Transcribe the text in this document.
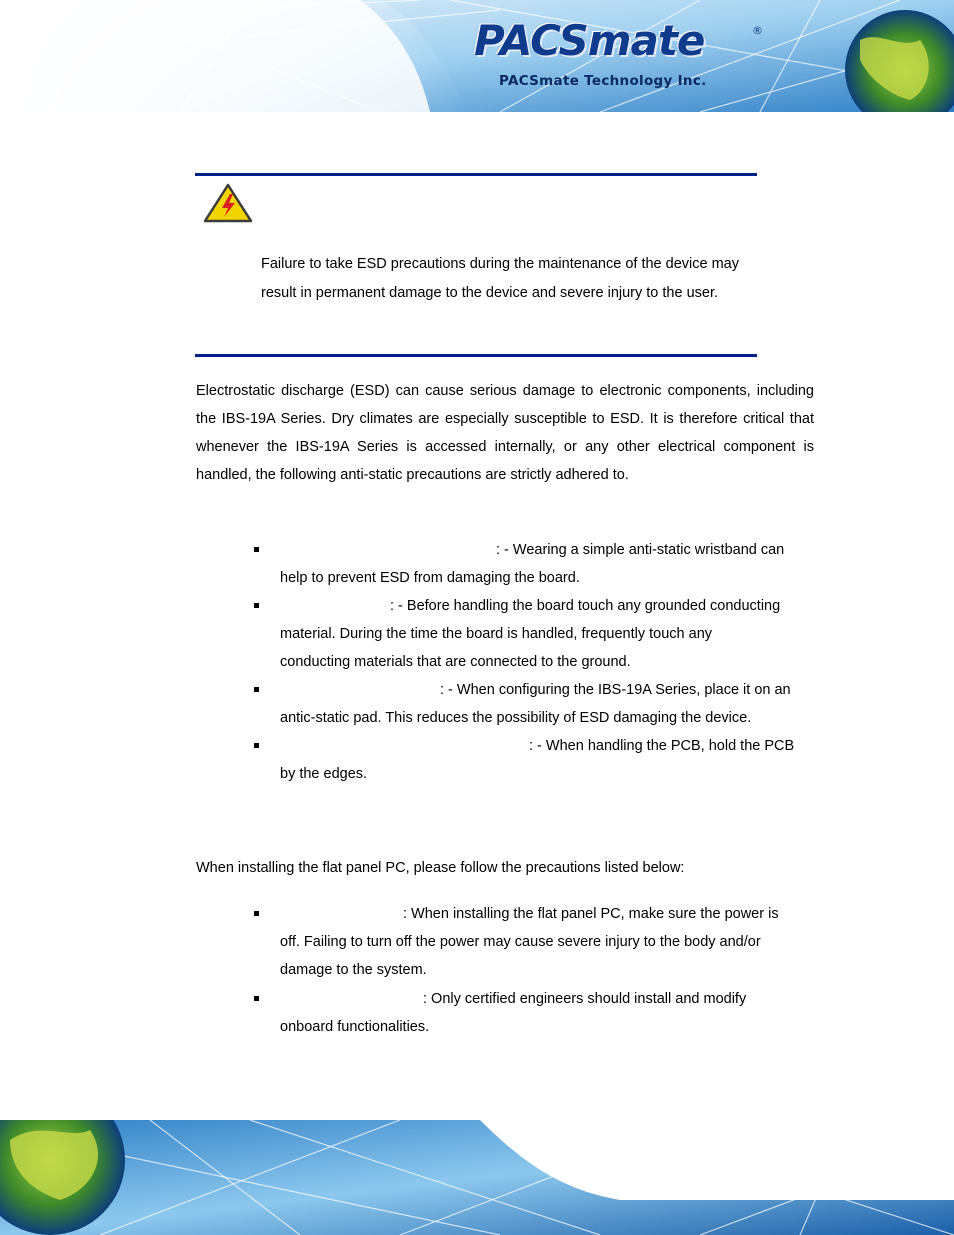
PACSmate	®
PACSmate Technology Inc.
Failure to take ESD precautions during the maintenance of the device may result in permanent damage to the device and severe injury to the user.

Electrostatic discharge (ESD) can cause serious damage to electronic components, including the IBS-19A Series. Dry climates are especially susceptible to ESD. It is therefore critical that whenever the IBS-19A Series is accessed internally, or any other electrical component is handled, the following anti-static precautions are strictly adhered to.

: - Wearing a simple anti-static wristband can
help to prevent ESD from damaging the board.
: - Before handling the board touch any grounded conducting
material. During the time the board is handled, frequently touch any
conducting materials that are connected to the ground.
: - When configuring the IBS-19A Series, place it on an
antic-static pad. This reduces the possibility of ESD damaging the device.
: - When handling the PCB, hold the PCB
by the edges.

When installing the flat panel PC, please follow the precautions listed below:

: When installing the flat panel PC, make sure the power is
off. Failing to turn off the power may cause severe injury to the body and/or
damage to the system.
: Only certified engineers should install and modify
onboard functionalities.
